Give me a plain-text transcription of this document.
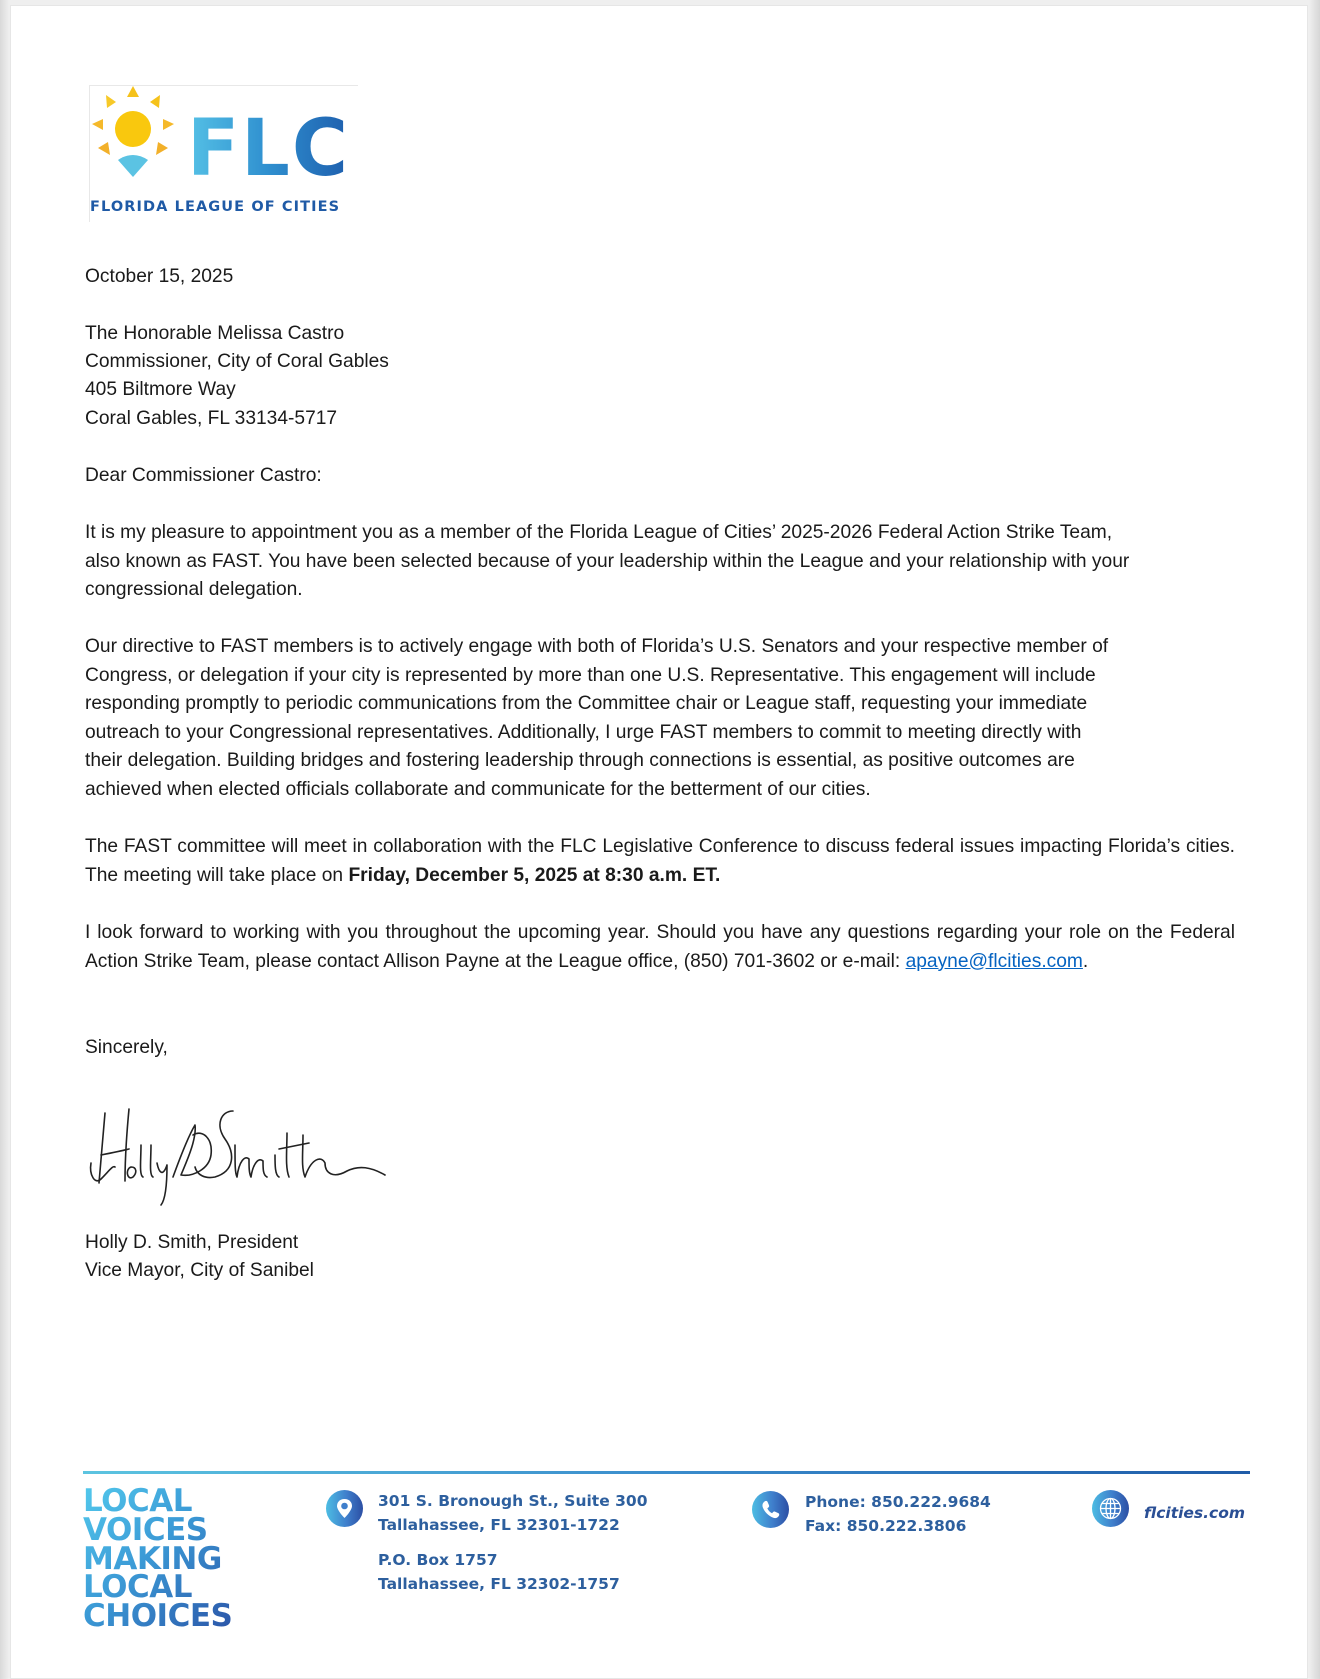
FLC
FLORIDA LEAGUE OF CITIES
October 15, 2025
The Honorable Melissa Castro
Commissioner, City of Coral Gables
405 Biltmore Way
Coral Gables, FL 33134-5717
Dear Commissioner Castro:
It is my pleasure to appointment you as a member of the Florida League of Cities’ 2025-2026 Federal Action Strike Team,
also known as FAST. You have been selected because of your leadership within the League and your relationship with your
congressional delegation.
Our directive to FAST members is to actively engage with both of Florida’s U.S. Senators and your respective member of
Congress, or delegation if your city is represented by more than one U.S. Representative. This engagement will include
responding promptly to periodic communications from the Committee chair or League staff, requesting your immediate
outreach to your Congressional representatives. Additionally, I urge FAST members to commit to meeting directly with
their delegation. Building bridges and fostering leadership through connections is essential, as positive outcomes are
achieved when elected officials collaborate and communicate for the betterment of our cities.
The FAST committee will meet in collaboration with the FLC Legislative Conference to discuss federal issues impacting Florida’s cities. The meeting will take place on Friday, December 5, 2025 at 8:30 a.m. ET.
I look forward to working with you throughout the upcoming year. Should you have any questions regarding your role on the Federal Action Strike Team, please contact Allison Payne at the League office, (850) 701-3602 or e-mail: apayne@flcities.com.
Sincerely,
Holly D. Smith, President
Vice Mayor, City of Sanibel
LOCAL
VOICES
MAKING
LOCAL
CHOICES
301 S. Bronough St., Suite 300
Tallahassee, FL 32301-1722
P.O. Box 1757
Tallahassee, FL 32302-1757
Phone: 850.222.9684
Fax: 850.222.3806
flcities.com
